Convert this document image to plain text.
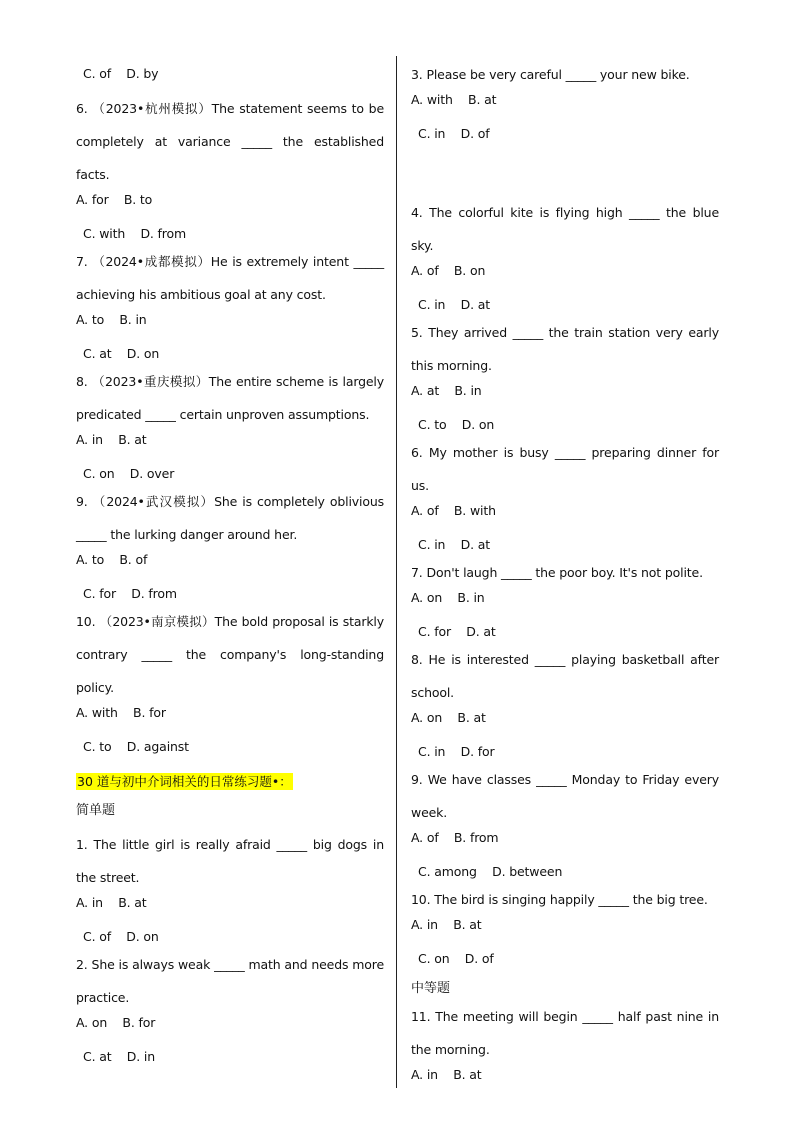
C. of    D. by

6. （2023•杭州模拟）The statement seems to be completely at variance _____ the established facts.

A. for    B. to

C. with    D. from

7. （2024•成都模拟）He is extremely intent _____ achieving his ambitious goal at any cost.

A. to    B. in

C. at    D. on

8. （2023•重庆模拟）The entire scheme is largely predicated _____ certain unproven assumptions.

A. in    B. at

C. on    D. over

9. （2024•武汉模拟）She is completely oblivious _____ the lurking danger around her.

A. to    B. of

C. for    D. from

10. （2023•南京模拟）The bold proposal is starkly contrary _____ the company's long-standing policy.

A. with    B. for

C. to    D. against

30 道与初中介词相关的日常练习题•：

简单题

1. The little girl is really afraid _____ big dogs in the street.

A. in    B. at

C. of    D. on

2. She is always weak _____ math and needs more practice.

A. on    B. for

C. at    D. in

3. Please be very careful _____ your new bike.

A. with    B. at

C. in    D. of

4. The colorful kite is flying high _____ the blue sky.

A. of    B. on

C. in    D. at

5. They arrived _____ the train station very early this morning.

A. at    B. in

C. to    D. on

6. My mother is busy _____ preparing dinner for us.

A. of    B. with

C. in    D. at

7. Don't laugh _____ the poor boy. It's not polite.

A. on    B. in

C. for    D. at

8. He is interested _____ playing basketball after school.

A. on    B. at

C. in    D. for

9. We have classes _____ Monday to Friday every week.

A. of    B. from

C. among    D. between

10. The bird is singing happily _____ the big tree.

A. in    B. at

C. on    D. of

中等题

11. The meeting will begin _____ half past nine in the morning.

A. in    B. at
